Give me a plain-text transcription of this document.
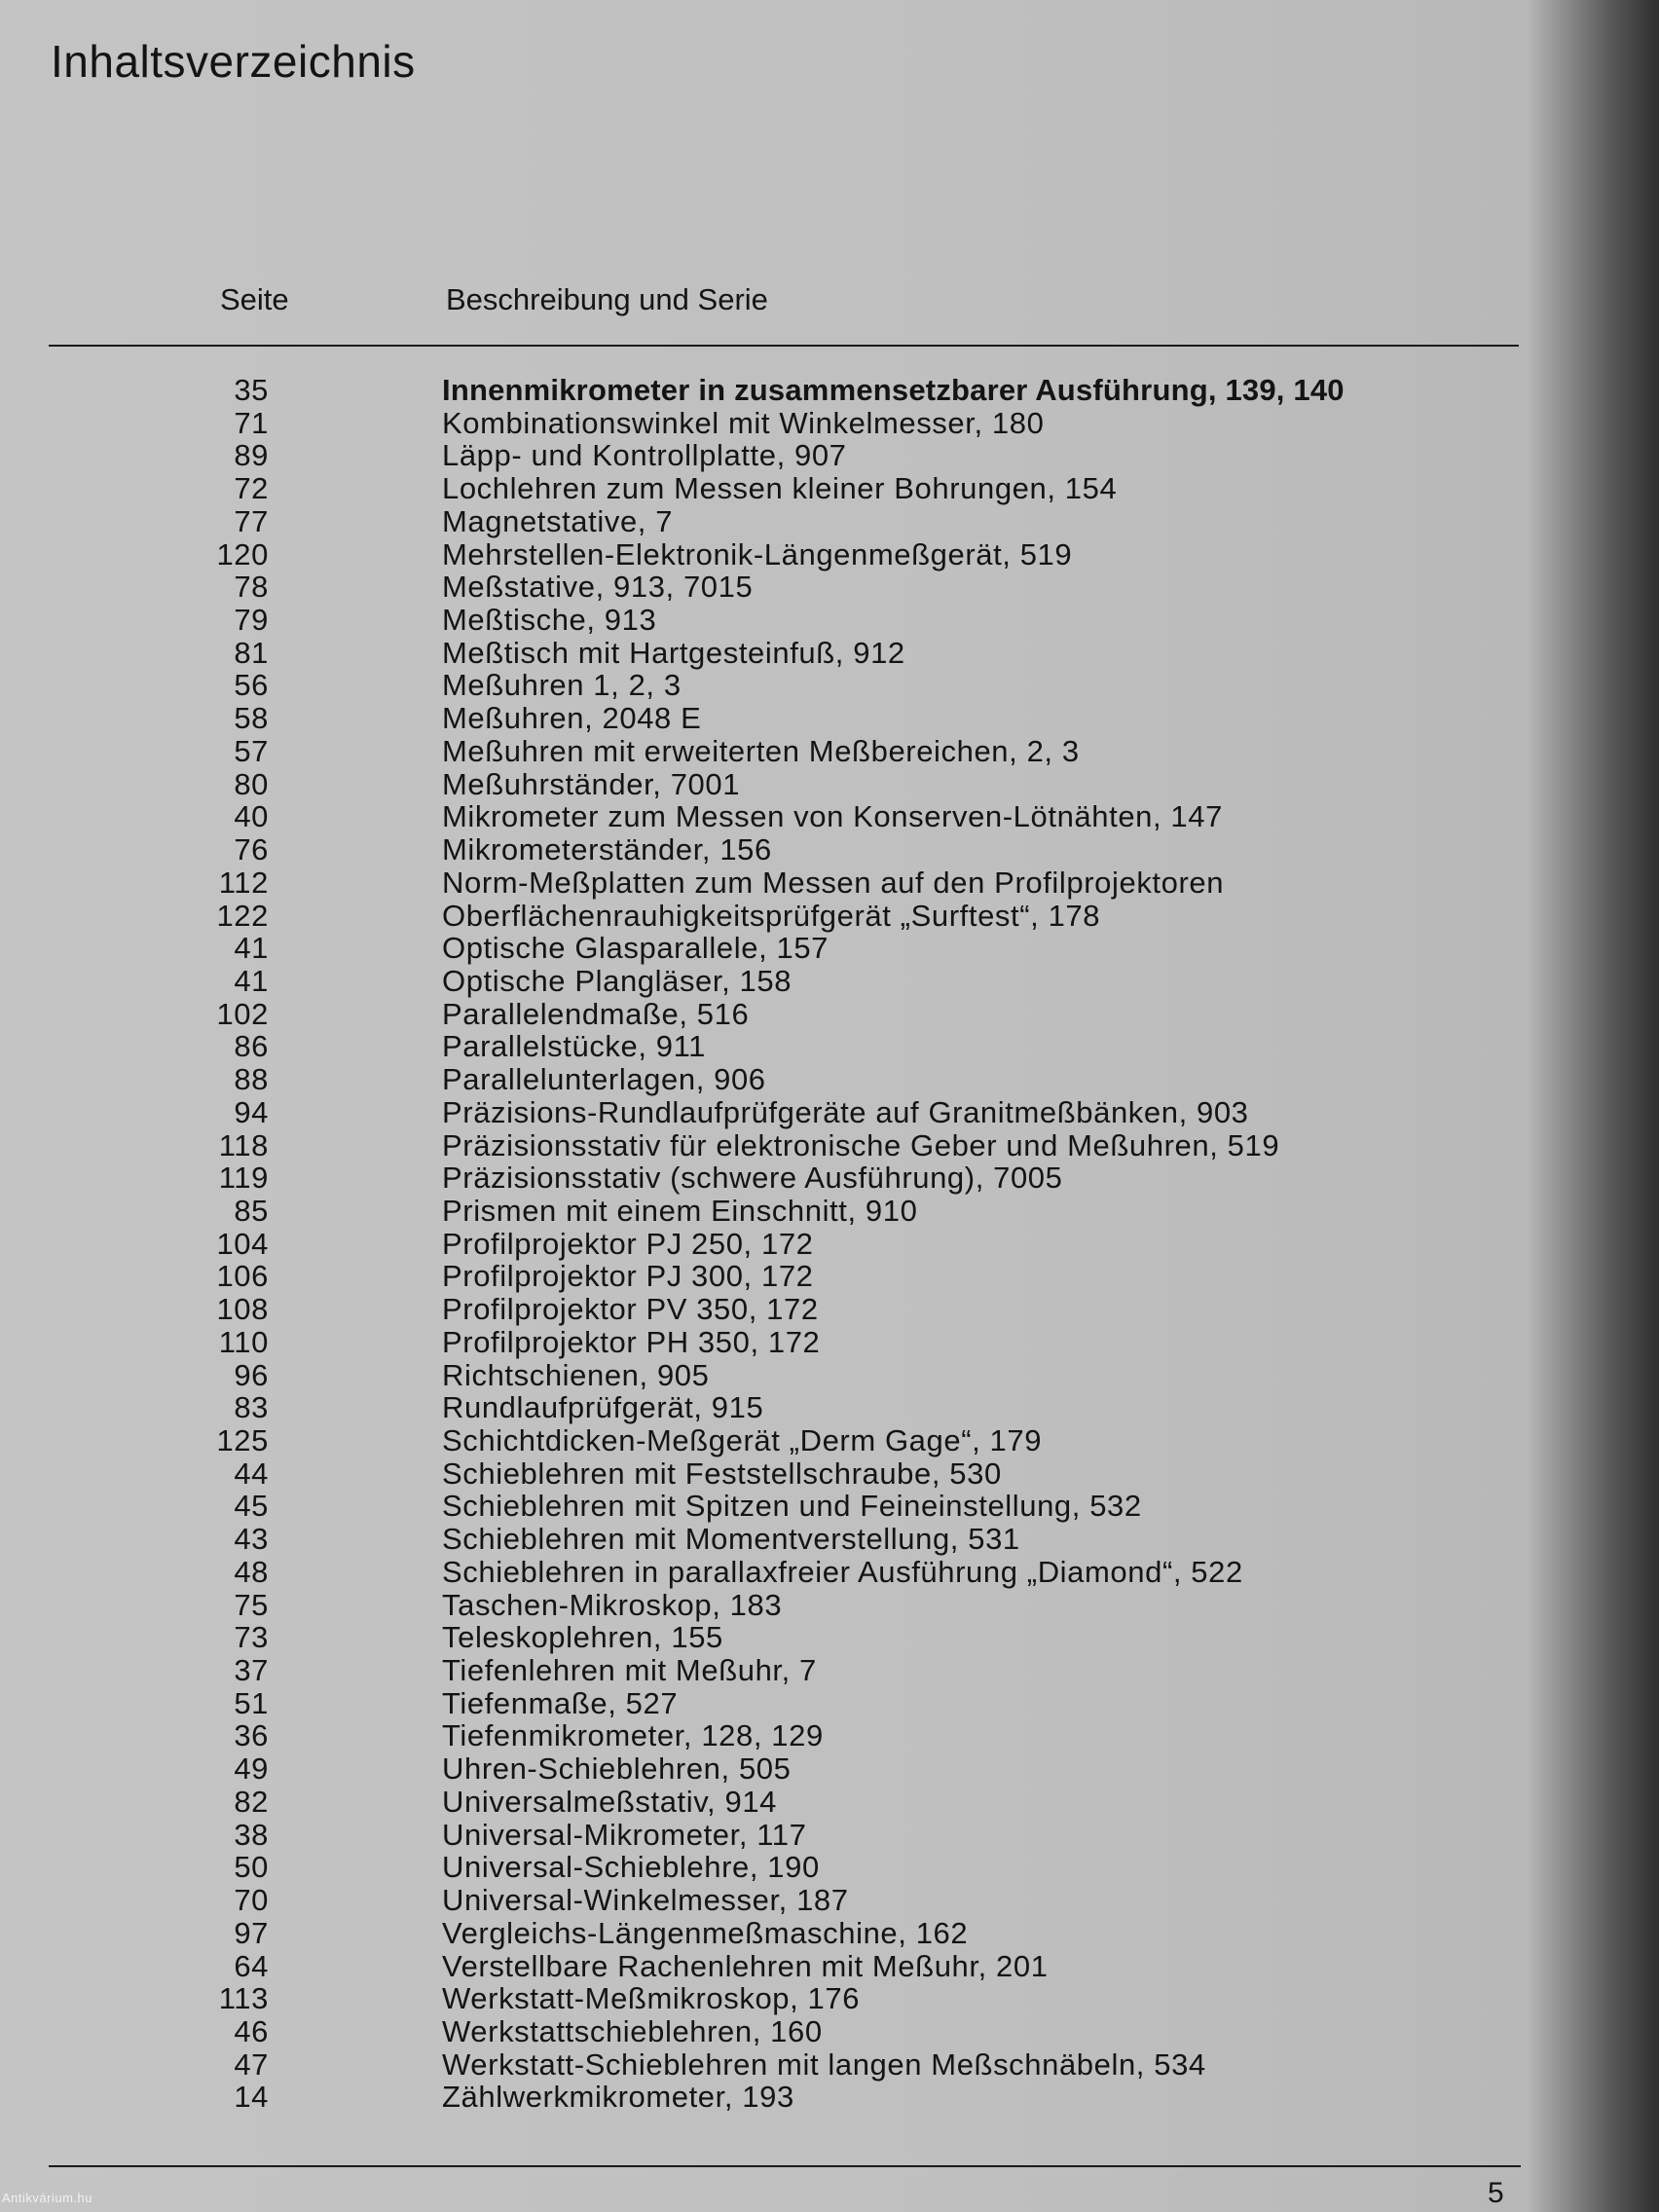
Inhaltsverzeichnis
Seite	Beschreibung und Serie
35	Innenmikrometer in zusammensetzbarer Ausführung, 139, 140
71	Kombinationswinkel mit Winkelmesser, 180
89	Läpp- und Kontrollplatte, 907
72	Lochlehren zum Messen kleiner Bohrungen, 154
77	Magnetstative, 7
120	Mehrstellen-Elektronik-Längenmeßgerät, 519
78	Meßstative, 913, 7015
79	Meßtische, 913
81	Meßtisch mit Hartgesteinfuß, 912
56	Meßuhren 1, 2, 3
58	Meßuhren, 2048 E
57	Meßuhren mit erweiterten Meßbereichen, 2, 3
80	Meßuhrständer, 7001
40	Mikrometer zum Messen von Konserven-Lötnähten, 147
76	Mikrometerständer, 156
112	Norm-Meßplatten zum Messen auf den Profilprojektoren
122	Oberflächenrauhigkeitsprüfgerät „Surftest“, 178
41	Optische Glasparallele, 157
41	Optische Plangläser, 158
102	Parallelendmaße, 516
86	Parallelstücke, 911
88	Parallelunterlagen, 906
94	Präzisions-Rundlaufprüfgeräte auf Granitmeßbänken, 903
118	Präzisionsstativ für elektronische Geber und Meßuhren, 519
119	Präzisionsstativ (schwere Ausführung), 7005
85	Prismen mit einem Einschnitt, 910
104	Profilprojektor PJ 250, 172
106	Profilprojektor PJ 300, 172
108	Profilprojektor PV 350, 172
110	Profilprojektor PH 350, 172
96	Richtschienen, 905
83	Rundlaufprüfgerät, 915
125	Schichtdicken-Meßgerät „Derm Gage“, 179
44	Schieblehren mit Feststellschraube, 530
45	Schieblehren mit Spitzen und Feineinstellung, 532
43	Schieblehren mit Momentverstellung, 531
48	Schieblehren in parallaxfreier Ausführung „Diamond“, 522
75	Taschen-Mikroskop, 183
73	Teleskoplehren, 155
37	Tiefenlehren mit Meßuhr, 7
51	Tiefenmaße, 527
36	Tiefenmikrometer, 128, 129
49	Uhren-Schieblehren, 505
82	Universalmeßstativ, 914
38	Universal-Mikrometer, 117
50	Universal-Schieblehre, 190
70	Universal-Winkelmesser, 187
97	Vergleichs-Längenmeßmaschine, 162
64	Verstellbare Rachenlehren mit Meßuhr, 201
113	Werkstatt-Meßmikroskop, 176
46	Werkstattschieblehren, 160
47	Werkstatt-Schieblehren mit langen Meßschnäbeln, 534
14	Zählwerkmikrometer, 193
5
Antikvárium.hu
